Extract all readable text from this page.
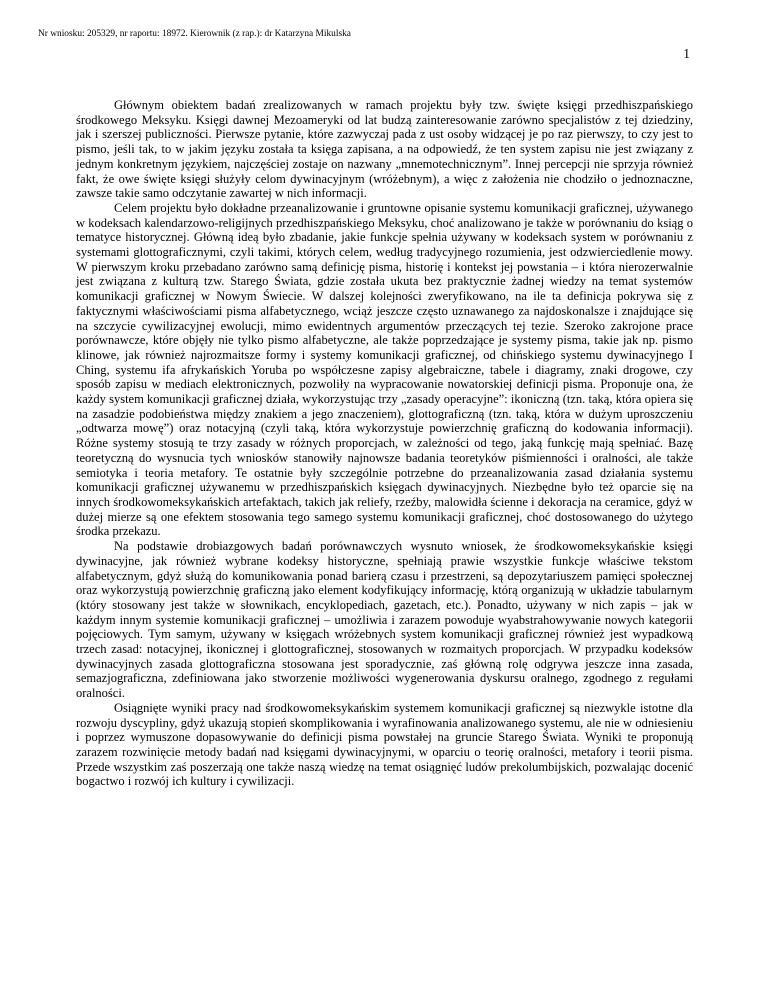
Nr wniosku: 205329, nr raportu: 18972. Kierownik (z rap.): dr Katarzyna Mikulska
1

Głównym obiektem badań zrealizowanych w ramach projektu były tzw. święte księgi przedhiszpańskiego środkowego Meksyku. Księgi dawnej Mezoameryki od lat budzą zainteresowanie zarówno specjalistów z tej dziedziny, jak i szerszej publiczności. Pierwsze pytanie, które zazwyczaj pada z ust osoby widzącej je po raz pierwszy, to czy jest to pismo, jeśli tak, to w jakim języku została ta księga zapisana, a na odpowiedź, że ten system zapisu nie jest związany z jednym konkretnym językiem, najczęściej zostaje on nazwany „mnemotechnicznym”. Innej percepcji nie sprzyja również fakt, że owe święte księgi służyły celom dywinacyjnym (wróżebnym), a więc z założenia nie chodziło o jednoznaczne, zawsze takie samo odczytanie zawartej w nich informacji.

Celem projektu było dokładne przeanalizowanie i gruntowne opisanie systemu komunikacji graficznej, używanego w kodeksach kalendarzowo-religijnych przedhiszpańskiego Meksyku, choć analizowano je także w porównaniu do ksiąg o tematyce historycznej. Główną ideą było zbadanie, jakie funkcje spełnia używany w kodeksach system w porównaniu z systemami glottograficznymi, czyli takimi, których celem, według tradycyjnego rozumienia, jest odzwierciedlenie mowy. W pierwszym kroku przebadano zarówno samą definicję pisma, historię i kontekst jej powstania – i która nierozerwalnie jest związana z kulturą tzw. Starego Świata, gdzie została ukuta bez praktycznie żadnej wiedzy na temat systemów komunikacji graficznej w Nowym Świecie. W dalszej kolejności zweryfikowano, na ile ta definicja pokrywa się z faktycznymi właściwościami pisma alfabetycznego, wciąż jeszcze często uznawanego za najdoskonalsze i znajdujące się na szczycie cywilizacyjnej ewolucji, mimo ewidentnych argumentów przeczących tej tezie. Szeroko zakrojone prace porównawcze, które objęły nie tylko pismo alfabetyczne, ale także poprzedzające je systemy pisma, takie jak np. pismo klinowe, jak również najrozmaitsze formy i systemy komunikacji graficznej, od chińskiego systemu dywinacyjnego I Ching, systemu ifa afrykańskich Yoruba po współczesne zapisy algebraiczne, tabele i diagramy, znaki drogowe, czy sposób zapisu w mediach elektronicznych, pozwoliły na wypracowanie nowatorskiej definicji pisma. Proponuje ona, że każdy system komunikacji graficznej działa, wykorzystując trzy „zasady operacyjne”: ikoniczną (tzn. taką, która opiera się na zasadzie podobieństwa między znakiem a jego znaczeniem), glottograficzną (tzn. taką, która w dużym uproszczeniu „odtwarza mowę”) oraz notacyjną (czyli taką, która wykorzystuje powierzchnię graficzną do kodowania informacji). Różne systemy stosują te trzy zasady w różnych proporcjach, w zależności od tego, jaką funkcję mają spełniać. Bazę teoretyczną do wysnucia tych wniosków stanowiły najnowsze badania teoretyków piśmienności i oralności, ale także semiotyka i teoria metafory. Te ostatnie były szczególnie potrzebne do przeanalizowania zasad działania systemu komunikacji graficznej używanemu w przedhiszpańskich księgach dywinacyjnych. Niezbędne było też oparcie się na innych środkowomeksykańskich artefaktach, takich jak reliefy, rzeźby, malowidła ścienne i dekoracja na ceramice, gdyż w dużej mierze są one efektem stosowania tego samego systemu komunikacji graficznej, choć dostosowanego do użytego środka przekazu.

Na podstawie drobiazgowych badań porównawczych wysnuto wniosek, że środkowomeksykańskie księgi dywinacyjne, jak również wybrane kodeksy historyczne, spełniają prawie wszystkie funkcje właściwe tekstom alfabetycznym, gdyż służą do komunikowania ponad barierą czasu i przestrzeni, są depozytariuszem pamięci społecznej oraz wykorzystują powierzchnię graficzną jako element kodyfikujący informację, którą organizują w układzie tabularnym (który stosowany jest także w słownikach, encyklopediach, gazetach, etc.). Ponadto, używany w nich zapis – jak w każdym innym systemie komunikacji graficznej – umożliwia i zarazem powoduje wyabstrahowywanie nowych kategorii pojęciowych. Tym samym, używany w księgach wróżebnych system komunikacji graficznej również jest wypadkową trzech zasad: notacyjnej, ikonicznej i glottograficznej, stosowanych w rozmaitych proporcjach. W przypadku kodeksów dywinacyjnych zasada glottograficzna stosowana jest sporadycznie, zaś główną rolę odgrywa jeszcze inna zasada, semazjograficzna, zdefiniowana jako stworzenie możliwości wygenerowania dyskursu oralnego, zgodnego z regułami oralności.

Osiągnięte wyniki pracy nad środkowomeksykańskim systemem komunikacji graficznej są niezwykle istotne dla rozwoju dyscypliny, gdyż ukazują stopień skomplikowania i wyrafinowania analizowanego systemu, ale nie w odniesieniu i poprzez wymuszone dopasowywanie do definicji pisma powstałej na gruncie Starego Świata. Wyniki te proponują zarazem rozwinięcie metody badań nad księgami dywinacyjnymi, w oparciu o teorię oralności, metafory i teorii pisma. Przede wszystkim zaś poszerzają one także naszą wiedzę na temat osiągnięć ludów prekolumbijskich, pozwalając docenić bogactwo i rozwój ich kultury i cywilizacji.
